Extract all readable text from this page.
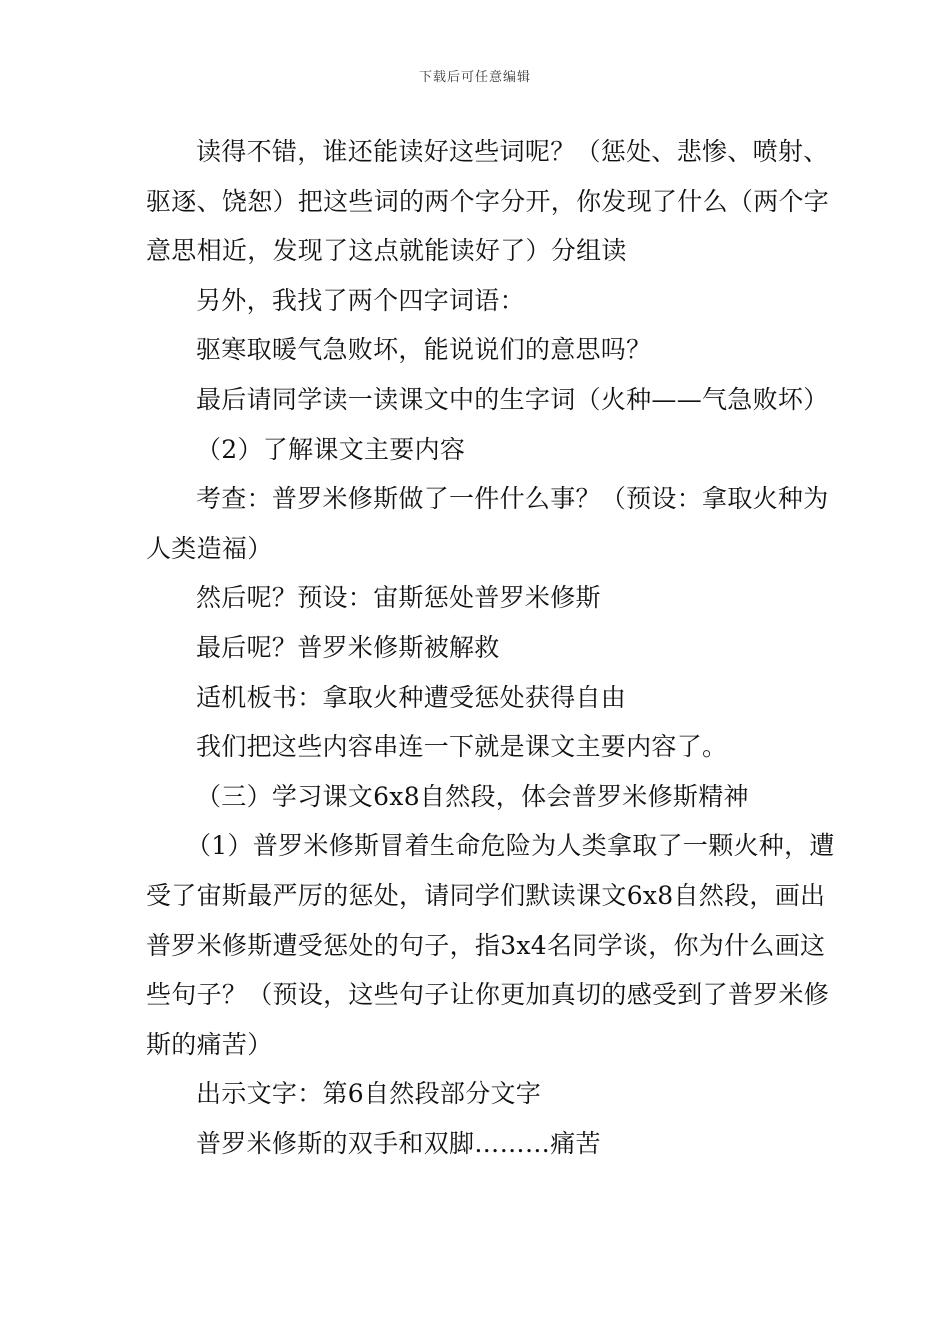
下载后可任意编辑

读得不错，谁还能读好这些词呢？（惩处、悲惨、喷射、驱逐、饶恕）把这些词的两个字分开，你发现了什么（两个字意思相近，发现了这点就能读好了）分组读

另外，我找了两个四字词语：

驱寒取暖气急败坏，能说说们的意思吗？

最后请同学读一读课文中的生字词（火种——气急败坏）

（2）了解课文主要内容

考查：普罗米修斯做了一件什么事？（预设：拿取火种为人类造福）

然后呢？预设：宙斯惩处普罗米修斯

最后呢？普罗米修斯被解救

适机板书：拿取火种遭受惩处获得自由

我们把这些内容串连一下就是课文主要内容了。

（三）学习课文6x8自然段，体会普罗米修斯精神

（1）普罗米修斯冒着生命危险为人类拿取了一颗火种，遭受了宙斯最严厉的惩处，请同学们默读课文6x8自然段，画出普罗米修斯遭受惩处的句子，指3x4名同学谈，你为什么画这些句子？（预设，这些句子让你更加真切的感受到了普罗米修斯的痛苦）

出示文字：第6自然段部分文字

普罗米修斯的双手和双脚………痛苦
